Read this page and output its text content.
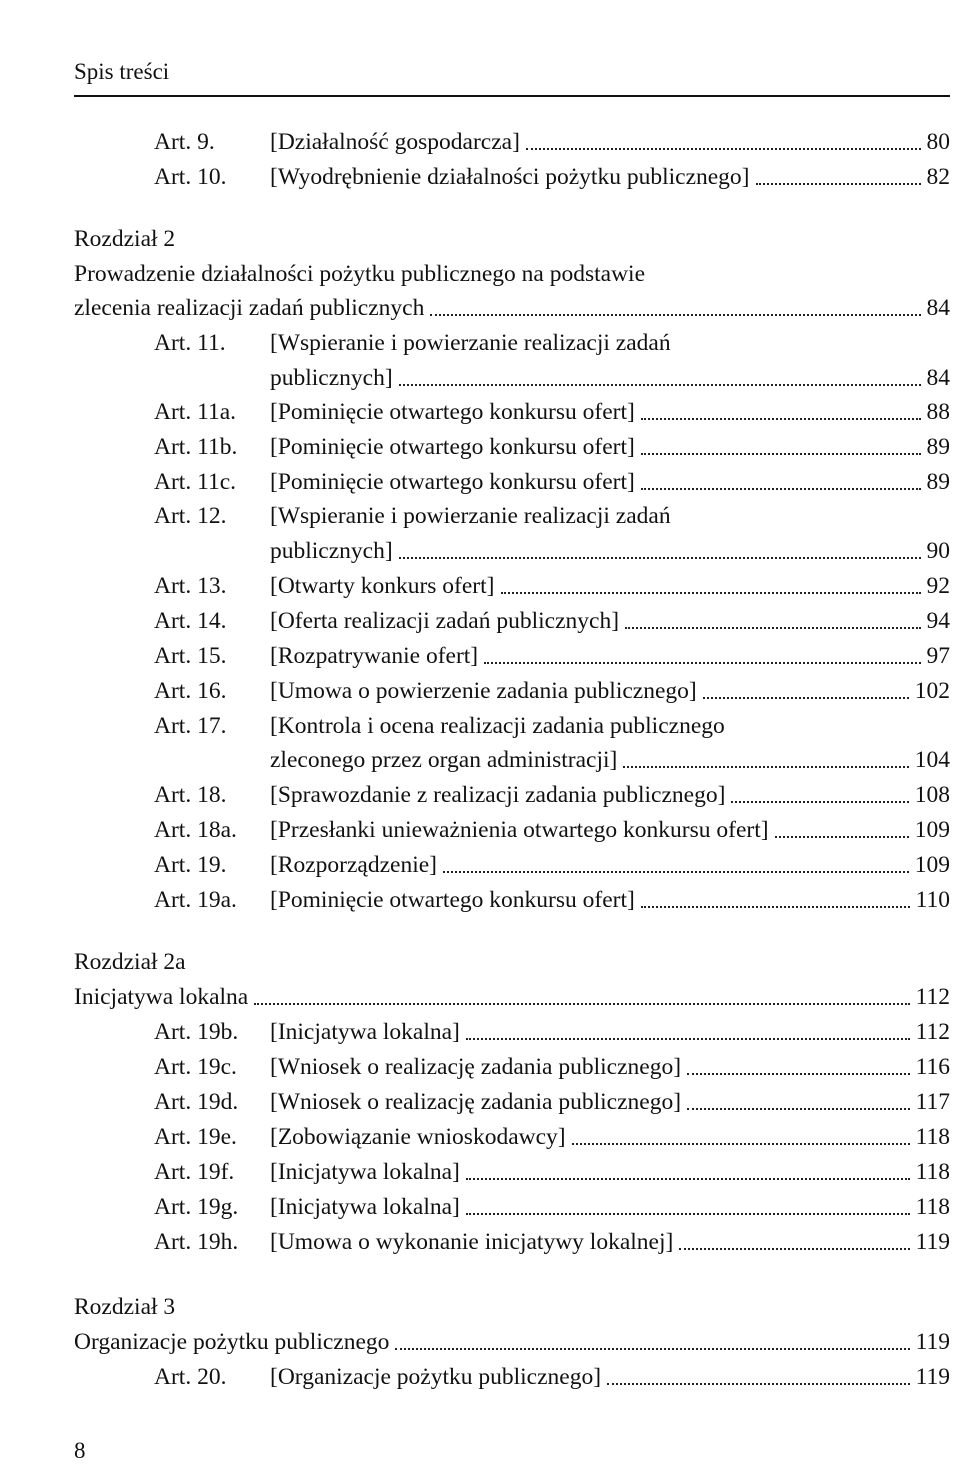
Spis treści
Art. 9.	[Działalność gospodarcza]	80
Art. 10.	[Wyodrębnienie działalności pożytku publicznego]	82
Rozdział 2
Prowadzenie działalności pożytku publicznego na podstawie
zlecenia realizacji zadań publicznych	84
Art. 11.	[Wspieranie i powierzanie realizacji zadań
publicznych]	84
Art. 11a.	[Pominięcie otwartego konkursu ofert]	88
Art. 11b.	[Pominięcie otwartego konkursu ofert]	89
Art. 11c.	[Pominięcie otwartego konkursu ofert]	89
Art. 12.	[Wspieranie i powierzanie realizacji zadań
publicznych]	90
Art. 13.	[Otwarty konkurs ofert]	92
Art. 14.	[Oferta realizacji zadań publicznych]	94
Art. 15.	[Rozpatrywanie ofert]	97
Art. 16.	[Umowa o powierzenie zadania publicznego]	102
Art. 17.	[Kontrola i ocena realizacji zadania publicznego
zleconego przez organ administracji]	104
Art. 18.	[Sprawozdanie z realizacji zadania publicznego]	108
Art. 18a.	[Przesłanki unieważnienia otwartego konkursu ofert]	109
Art. 19.	[Rozporządzenie]	109
Art. 19a.	[Pominięcie otwartego konkursu ofert]	110
Rozdział 2a
Inicjatywa lokalna	112
Art. 19b.	[Inicjatywa lokalna]	112
Art. 19c.	[Wniosek o realizację zadania publicznego]	116
Art. 19d.	[Wniosek o realizację zadania publicznego]	117
Art. 19e.	[Zobowiązanie wnioskodawcy]	118
Art. 19f.	[Inicjatywa lokalna]	118
Art. 19g.	[Inicjatywa lokalna]	118
Art. 19h.	[Umowa o wykonanie inicjatywy lokalnej]	119
Rozdział 3
Organizacje pożytku publicznego	119
Art. 20.	[Organizacje pożytku publicznego]	119
8
